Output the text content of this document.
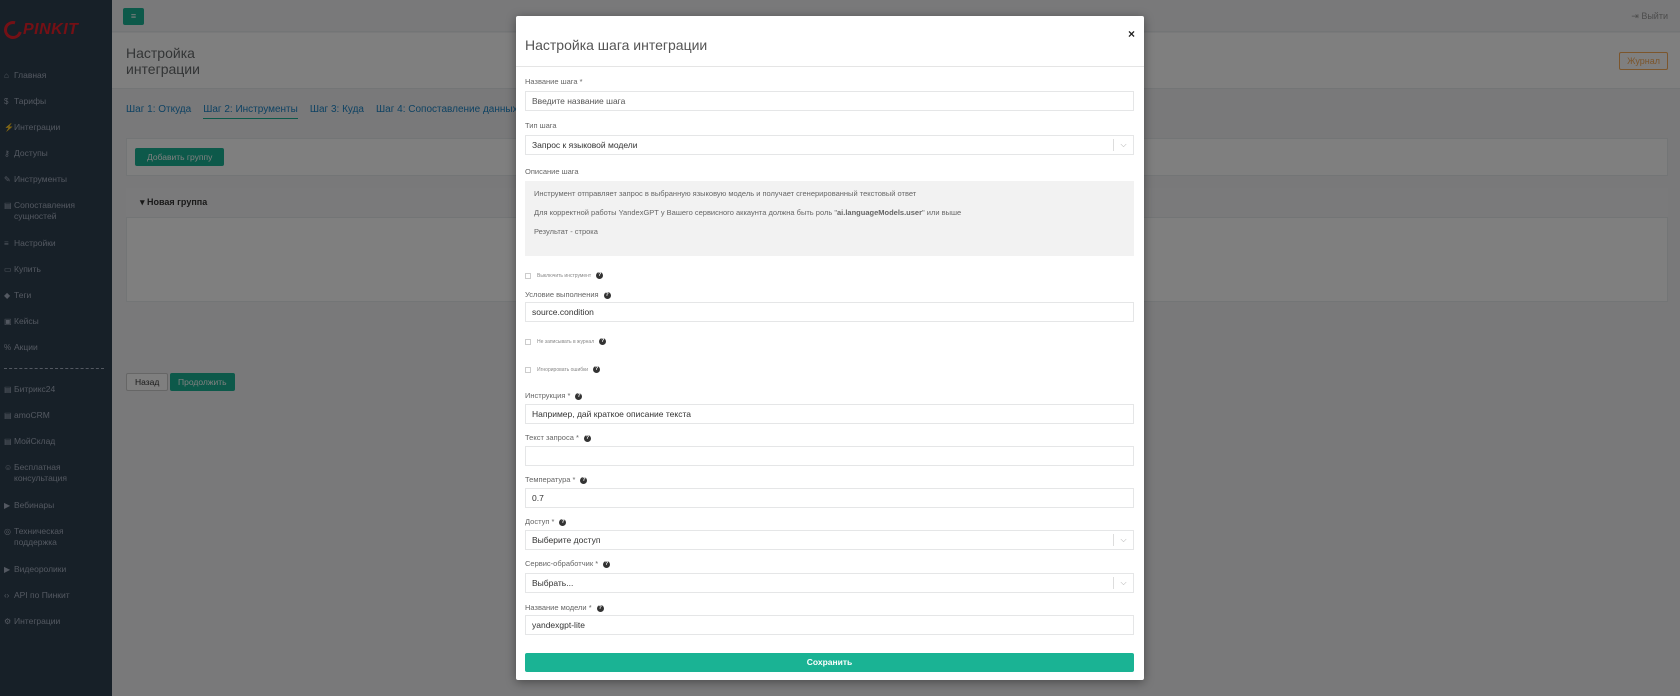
Настройка шага интеграции
×
Название шага *
Введите название шага
Тип шага
Запрос к языковой модели	⌵
Описание шага

Инструмент отправляет запрос в выбранную языковую модель и получает сгенерированный текстовый ответ

Для корректной работы YandexGPT у Вашего сервисного аккаунта должна быть роль "ai.languageModels.user" или выше

Результат - строка

Выключить инструмент	?
Условие выполнения ?
source.condition
Не записывать в журнал	?
Игнорировать ошибки	?
Инструкция * ?
Например, дай краткое описание текста
Текст запроса * ?
Температура * ?
0.7
Доступ * ?
Выберите доступ	⌵
Сервис-обработчик * ?
Выбрать...	⌵
Название модели * ?
yandexgpt-lite
Сохранить
